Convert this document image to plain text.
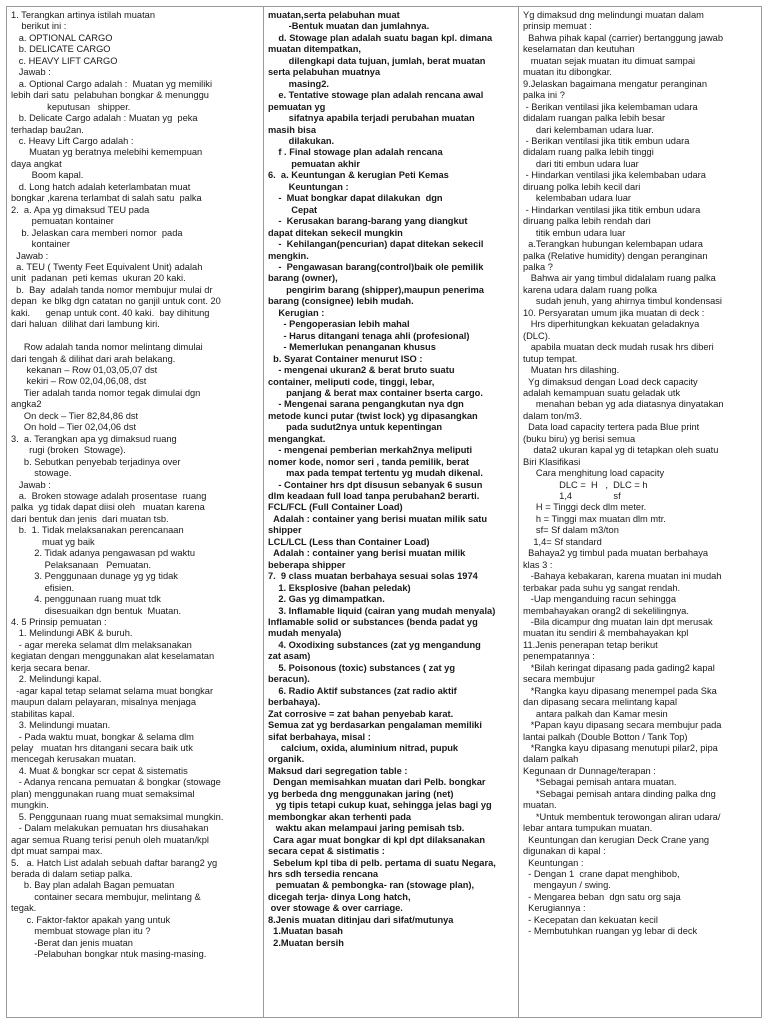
1. Terangkan artinya istilah muatan
berikut ini :
a. OPTIONAL CARGO
b. DELICATE CARGO
c. HEAVY LIFT CARGO
Jawab :
a. Optional Cargo adalah :  Muatan yg memiliki
lebih dari satu  pelabuhan bongkar & menunggu
keputusan   shipper.
b. Delicate Cargo adalah : Muatan yg  peka
terhadap bau2an.
c. Heavy Lift Cargo adalah :
Muatan yg beratnya melebihi kemempuan
daya angkat
Boom kapal.
d. Long hatch adalah keterlambatan muat
bongkar ,karena terlambat di salah satu  palka
2.  a. Apa yg dimaksud TEU pada
pemuatan kontainer
b. Jelaskan cara memberi nomor  pada
kontainer
Jawab :
a. TEU ( Twenty Feet Equivalent Unit) adalah
unit  padanan  peti kemas  ukuran 20 kaki.
b.  Bay  adalah tanda nomor membujur mulai dr
depan  ke blkg dgn catatan no ganjil untuk cont. 20
kaki.      genap untuk cont. 40 kaki.  bay dihitung
dari haluan  dilihat dari lambung kiri.
Row adalah tanda nomor melintang dimulai
dari tengah & dilihat dari arah belakang.
kekanan – Row 01,03,05,07 dst
kekiri – Row 02,04,06,08, dst
Tier adalah tanda nomor tegak dimulai dgn
angka2
On deck – Tier 82,84,86 dst
On hold – Tier 02,04,06 dst
3.  a. Terangkan apa yg dimaksud ruang
rugi (broken  Stowage).
b. Sebutkan penyebab terjadinya over
stowage.
Jawab :
a.  Broken stowage adalah prosentase  ruang
palka  yg tidak dapat diisi oleh   muatan karena
dari bentuk dan jenis  dari muatan tsb.
b.  1. Tidak melaksanakan perencanaan
muat yg baik
2. Tidak adanya pengawasan pd waktu
Pelaksanaan   Pemuatan.
3. Penggunaan dunage yg yg tidak
efisien.
4. penggunaan ruang muat tdk
disesuaikan dgn bentuk  Muatan.
4. 5 Prinsip pemuatan :
1. Melindungi ABK & buruh.
- agar mereka selamat dlm melaksanakan
kegiatan dengan menggunakan alat keselamatan
kerja secara benar.
2. Melindungi kapal.
-agar kapal tetap selamat selama muat bongkar
maupun dalam pelayaran, misalnya menjaga
stabilitas kapal.
3. Melindungi muatan.
- Pada waktu muat, bongkar & selama dlm
pelay   muatan hrs ditangani secara baik utk
mencegah kerusakan muatan.
4. Muat & bongkar scr cepat & sistematis
- Adanya rencana pemuatan & bongkar (stowage
plan) menggunakan ruang muat semaksimal
mungkin.
5. Penggunaan ruang muat semaksimal mungkin.
- Dalam melakukan pemuatan hrs diusahakan
agar semua Ruang terisi penuh oleh muatan/kpl
dpt muat sampai max.
5.   a. Hatch List adalah sebuah daftar barang2 yg
berada di dalam setiap palka.
b. Bay plan adalah Bagan pemuatan
container secara membujur, melintang &
tegak.
c. Faktor-faktor apakah yang untuk
membuat stowage plan itu ?
-Berat dan jenis muatan
-Pelabuhan bongkar ntuk masing-masing.
muatan,serta pelabuhan muat
-Bentuk muatan dan jumlahnya.
d. Stowage plan adalah suatu bagan kpl. dimana
muatan ditempatkan,
dilengkapi data tujuan, jumlah, berat muatan
serta pelabuhan muatnya
masing2.
e. Tentative stowage plan adalah rencana awal
pemuatan yg
sifatnya apabila terjadi perubahan muatan
masih bisa
dilakukan.
f . Final stowage plan adalah rencana
pemuatan akhir
6.  a. Keuntungan & kerugian Peti Kemas
Keuntungan :
-  Muat bongkar dapat dilakukan  dgn
Cepat
-  Kerusakan barang-barang yang diangkut
dapat ditekan sekecil mungkin
-  Kehilangan(pencurian) dapat ditekan sekecil
mengkin.
-  Pengawasan barang(control)baik ole pemilik
barang (owner),
pengirim barang (shipper),maupun penerima
barang (consignee) lebih mudah.
Kerugian :
- Pengoperasian lebih mahal
- Harus ditangani tenaga ahli (profesional)
- Memerlukan penanganan khusus
b. Syarat Container menurut ISO :
- mengenai ukuran2 & berat bruto suatu
container, meliputi code, tinggi, lebar,
panjang & berat max container bserta cargo.
- Mengenai sarana pengangkutan nya dgn
metode kunci putar (twist lock) yg dipasangkan
pada sudut2nya untuk kepentingan
mengangkat.
- mengenai pemberian merkah2nya meliputi
nomer kode, nomor seri , tanda pemilik, berat
max pada tempat tertentu yg mudah dikenal.
- Container hrs dpt disusun sebanyak 6 susun
dlm keadaan full load tanpa perubahan2 berarti.
FCL/FCL (Full Container Load)
Adalah : container yang berisi muatan milik satu
shipper
LCL/LCL (Less than Container Load)
Adalah : container yang berisi muatan milik
beberapa shipper
7.  9 class muatan berbahaya sesuai solas 1974
1. Eksplosive (bahan peledak)
2. Gas yg dimampatkan.
3. Inflamable liquid (cairan yang mudah menyala)
Inflamable solid or substances (benda padat yg
mudah menyala)
4. Oxodixing substances (zat yg mengandung
zat asam)
5. Poisonous (toxic) substances ( zat yg
beracun).
6. Radio Aktif substances (zat radio aktif
berbahaya).
Zat corrosive = zat bahan penyebab karat.
Semua zat yg berdasarkan pengalaman memiliki
sifat berbahaya, misal :
calcium, oxida, aluminium nitrad, pupuk
organik.
Maksud dari segregation table :
Dengan memisahkan muatan dari Pelb. bongkar
yg berbeda dng menggunakan jaring (net)
yg tipis tetapi cukup kuat, sehingga jelas bagi yg
membongkar akan terhenti pada
waktu akan melampaui jaring pemisah tsb.
Cara agar muat bongkar di kpl dpt dilaksanakan
secara cepat & sistimatis :
Sebelum kpl tiba di pelb. pertama di suatu Negara,
hrs sdh tersedia rencana
pemuatan & pembongka- ran (stowage plan),
dicegah terja- dinya Long hatch,
over stowage & over carriage.
8.Jenis muatan ditinjau dari sifat/mutunya
1.Muatan basah
2.Muatan bersih
Yg dimaksud dng melindungi muatan dalam
prinsip memuat :
Bahwa pihak kapal (carrier) bertanggung jawab
keselamatan dan keutuhan
muatan sejak muatan itu dimuat sampai
muatan itu dibongkar.
9.Jelaskan bagaimana mengatur peranginan
palka ini ?
- Berikan ventilasi jika kelembaman udara
didalam ruangan palka lebih besar
dari kelembaman udara luar.
- Berikan ventilasi jika titik embun udara
didalam ruang palka lebih tinggi
dari titi embun udara luar
- Hindarkan ventilasi jika kelembaban udara
diruang polka lebih kecil dari
kelembaban udara luar
- Hindarkan ventilasi jika titik embun udara
diruang palka lebih rendah dari
titik embun udara luar
a.Terangkan hubungan kelembapan udara
palka (Relative humidity) dengan peranginan
palka ?
Bahwa air yang timbul didalalam ruang palka
karena udara dalam ruang polka
sudah jenuh, yang ahirnya timbul kondensasi
10. Persyaratan umum jika muatan di deck :
Hrs diperhitungkan kekuatan geladaknya
(DLC).
apabila muatan deck mudah rusak hrs diberi
tutup tempat.
Muatan hrs dilashing.
Yg dimaksud dengan Load deck capacity
adalah kemampuan suatu geladak utk
menahan beban yg ada diatasnya dinyatakan
dalam ton/m3.
Data load capacity tertera pada Blue print
(buku biru) yg berisi semua
data2 ukuran kapal yg di tetapkan oleh suatu
Biri Klasifikasi
Cara menghitung load capacity
DLC =  H   ,  DLC = h
1,4                sf
H = Tinggi deck dlm meter.
h = Tinggi max muatan dlm mtr.
sf= Sf dalam m3/ton
1,4= Sf standard
Bahaya2 yg timbul pada muatan berbahaya
klas 3 :
-Bahaya kebakaran, karena muatan ini mudah
terbakar pada suhu yg sangat rendah.
-Uap menganduing racun sehingga
membahayakan orang2 di sekelilingnya.
-Bila dicampur dng muatan lain dpt merusak
muatan itu sendiri & membahayakan kpl
11.Jenis penerapan tetap berikut
penempatannya :
*Bilah keringat dipasang pada gading2 kapal
secara membujur
*Rangka kayu dipasang menempel pada Ska
dan dipasang secara melintang kapal
antara palkah dan Kamar mesin
*Papan kayu dipasang secara membujur pada
lantai palkah (Double Botton / Tank Top)
*Rangka kayu dipasang menutupi pilar2, pipa
dalam palkah
Kegunaan dr Dunnage/terapan :
*Sebagai pemisah antara muatan.
*Sebagai pemisah antara dinding palka dng
muatan.
*Untuk membentuk terowongan aliran udara/
lebar antara tumpukan muatan.
Keuntungan dan kerugian Deck Crane yang
digunakan di kapal :
Keuntungan :
- Dengan 1  crane dapat menghibob,
mengayun / swing.
- Mengarea beban  dgn satu org saja
Kerugiannya :
- Kecepatan dan kekuatan kecil
- Membutuhkan ruangan yg lebar di deck
